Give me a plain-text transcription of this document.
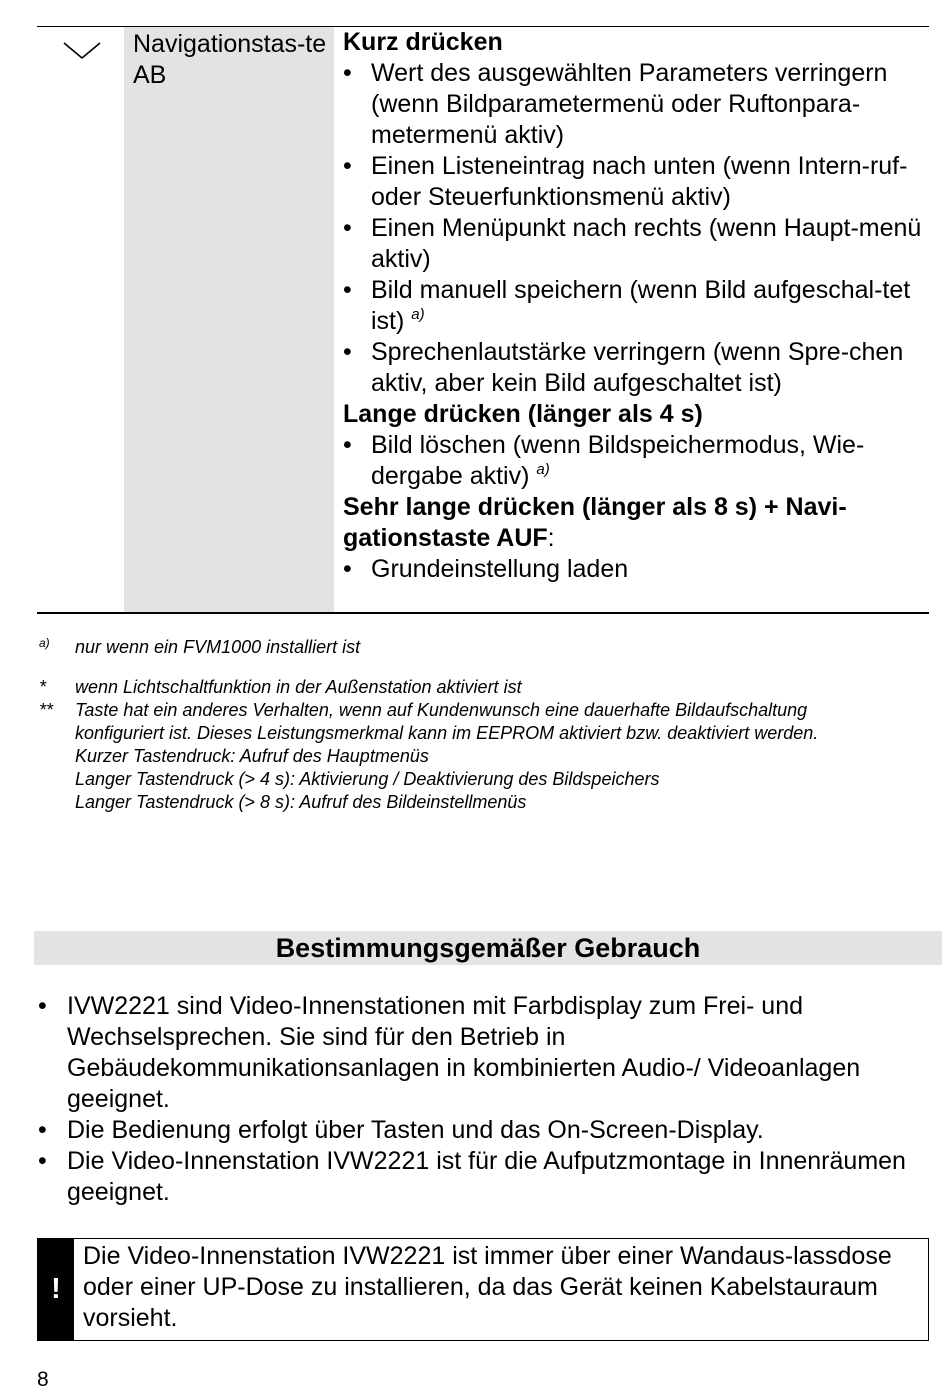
Navigationstas-te AB
Kurz drücken
• Wert des ausgewählten Parameters verringern (wenn Bildparametermenü oder Ruftonpara-metermenü aktiv)
• Einen Listeneintrag nach unten (wenn Intern-ruf- oder Steuerfunktionsmenü aktiv)
• Einen Menüpunkt nach rechts (wenn Haupt-menü aktiv)
• Bild manuell speichern (wenn Bild aufgeschal-tet ist) $^{a)}$
• Sprechenlautstärke verringern (wenn Spre-chen aktiv, aber kein Bild aufgeschaltet ist)
Lange drücken (länger als 4 s)
• Bild löschen (wenn Bildspeichermodus, Wie-dergabe aktiv) $^{a)}$
Sehr lange drücken (länger als 8 s) + Navi-gationstaste AUF:
• Grundeinstellung laden
a) nur wenn ein FVM1000 installiert ist
* wenn Lichtschaltfunktion in der Außenstation aktiviert ist
** Taste hat ein anderes Verhalten, wenn auf Kundenwunsch eine dauerhafte Bildaufschaltung
konfiguriert ist. Dieses Leistungsmerkmal kann im EEPROM aktiviert bzw. deaktiviert werden.
Kurzer Tastendruck: Aufruf des Hauptmenüs
Langer Tastendruck (> 4 s): Aktivierung / Deaktivierung des Bildspeichers
Langer Tastendruck (> 8 s): Aufruf des Bildeinstellmenüs
Bestimmungsgemäßer Gebrauch
• IVW2221 sind Video-Innenstationen mit Farbdisplay zum Frei- und Wechselsprechen. Sie sind für den Betrieb in Gebäudekommunikationsanlagen in kombinierten Audio-/ Videoanlagen geeignet.
• Die Bedienung erfolgt über Tasten und das On-Screen-Display.
• Die Video-Innenstation IVW2221 ist für die Aufputzmontage in Innenräumen geeignet.
!
Die Video-Innenstation IVW2221 ist immer über einer Wandaus-lassdose oder einer UP-Dose zu installieren, da das Gerät keinen Kabelstauraum vorsieht.
8
